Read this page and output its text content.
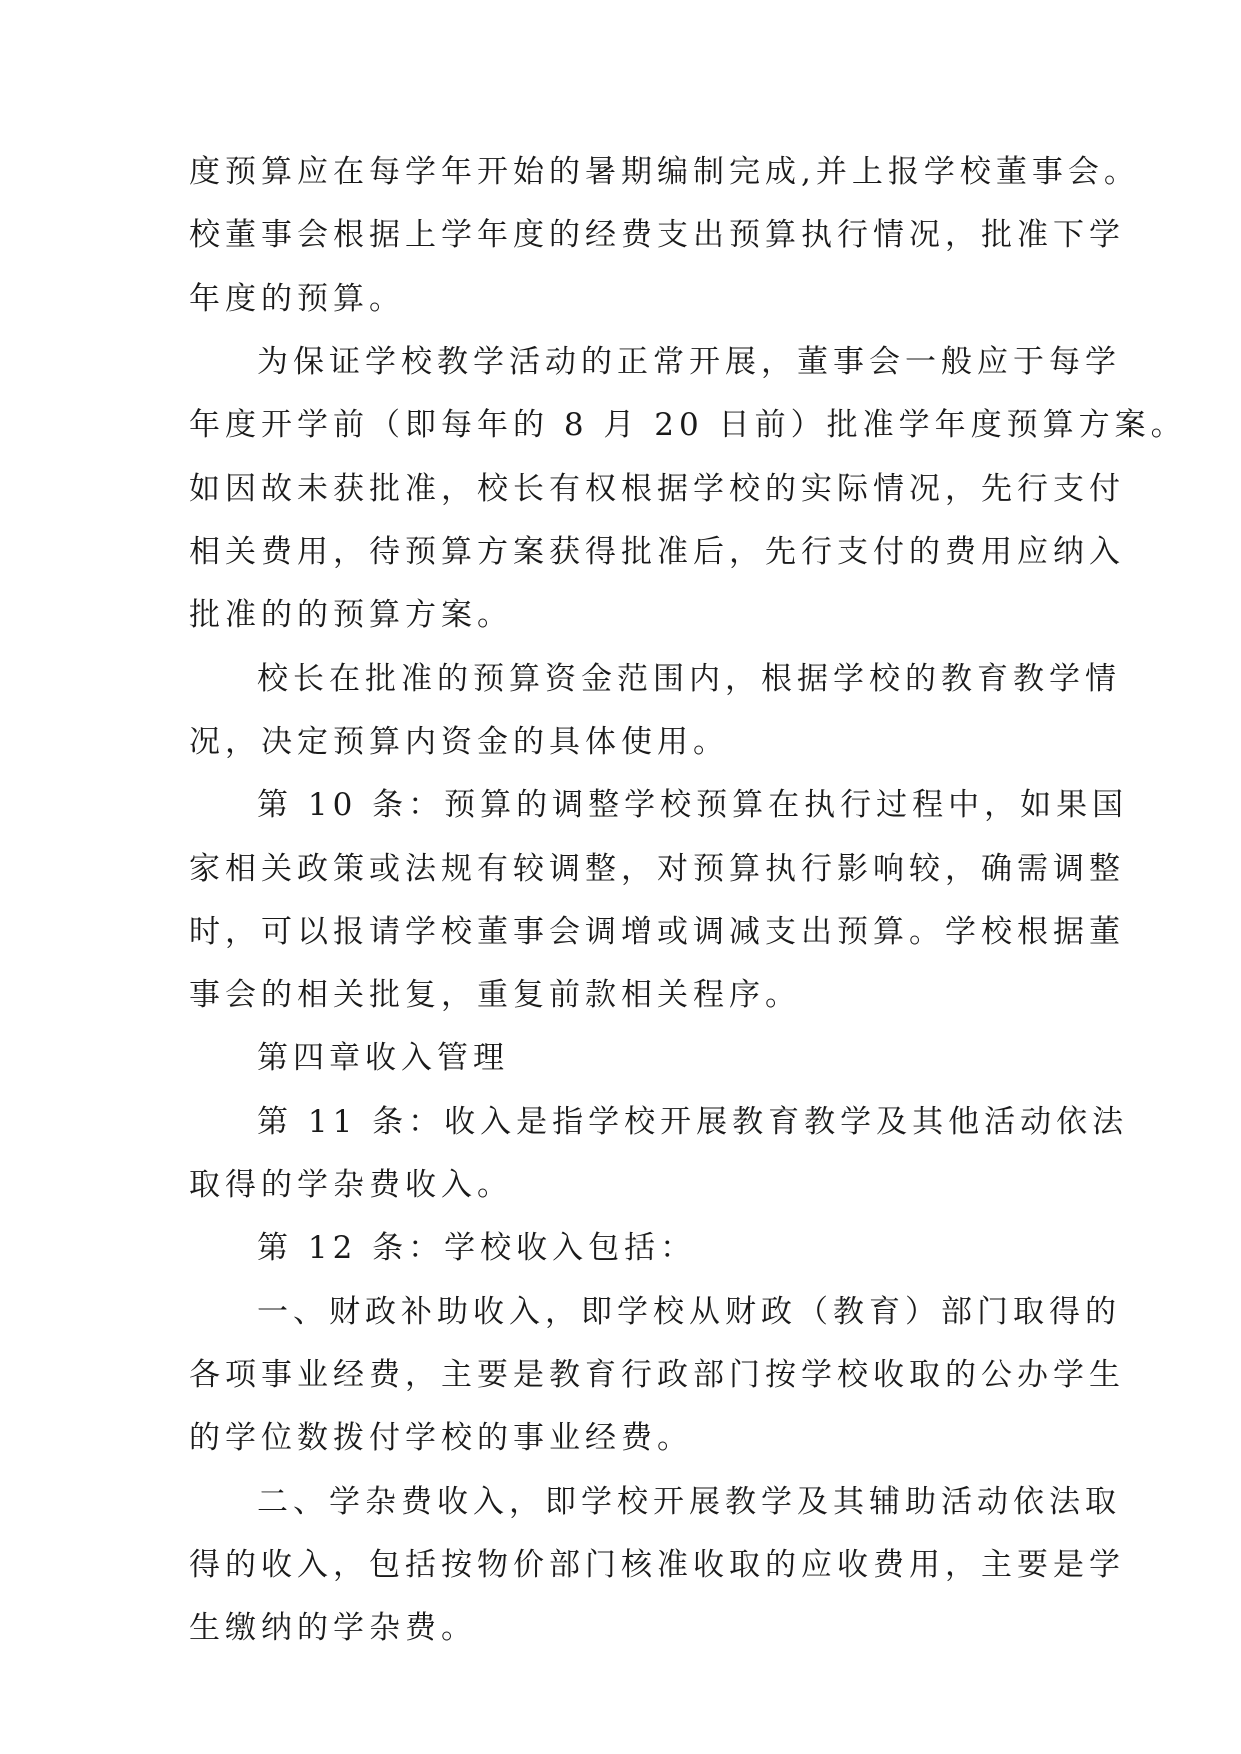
度预算应在每学年开始的暑期编制完成,并上报学校董事会。

校董事会根据上学年度的经费支出预算执行情况，批准下学

年度的预算。

为保证学校教学活动的正常开展，董事会一般应于每学

年度开学前（即每年的 8 月 20 日前）批准学年度预算方案。

如因故未获批准，校长有权根据学校的实际情况，先行支付

相关费用，待预算方案获得批准后，先行支付的费用应纳入

批准的的预算方案。

校长在批准的预算资金范围内，根据学校的教育教学情

况，决定预算内资金的具体使用。

第 10 条：预算的调整学校预算在执行过程中，如果国

家相关政策或法规有较调整，对预算执行影响较，确需调整

时，可以报请学校董事会调增或调减支出预算。学校根据董

事会的相关批复，重复前款相关程序。

第四章收入管理

第 11 条：收入是指学校开展教育教学及其他活动依法

取得的学杂费收入。

第 12 条：学校收入包括：

一、财政补助收入，即学校从财政（教育）部门取得的

各项事业经费，主要是教育行政部门按学校收取的公办学生

的学位数拨付学校的事业经费。

二、学杂费收入，即学校开展教学及其辅助活动依法取

得的收入，包括按物价部门核准收取的应收费用，主要是学

生缴纳的学杂费。
